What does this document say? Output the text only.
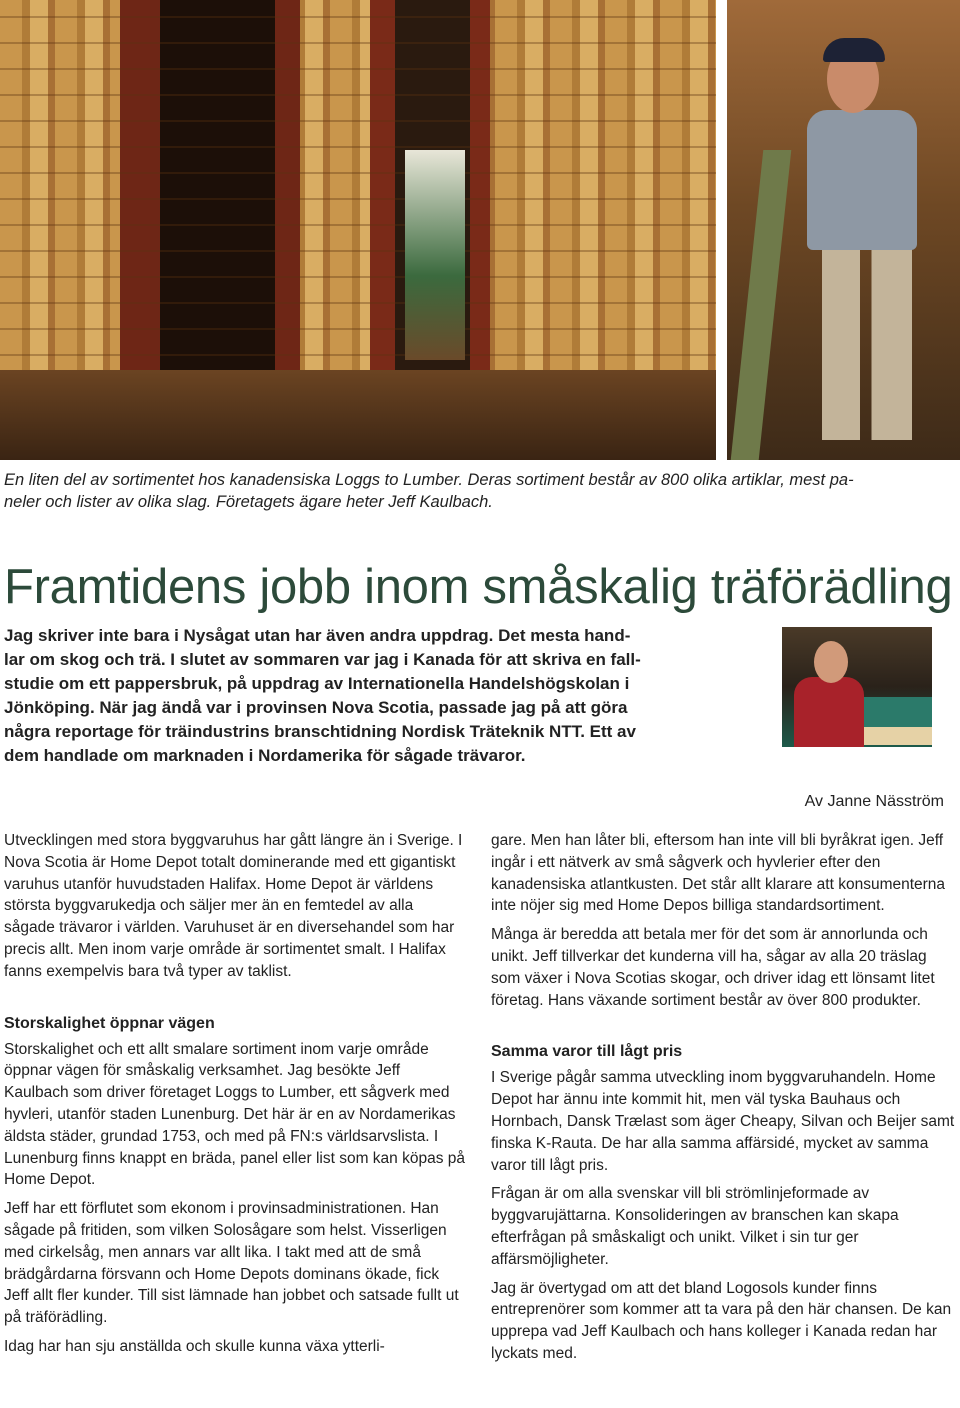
En liten del av sortimentet hos kanadensiska Loggs to Lumber. Deras sortiment består av 800 olika artiklar, mest pa-
neler och lister av olika slag. Företagets ägare heter Jeff Kaulbach.
Framtidens jobb inom småskalig träförädling

Jag skriver inte bara i Nysågat utan har även andra uppdrag. Det mesta hand-

lar om skog och trä. I slutet av sommaren var jag i Kanada för att skriva en fall-

studie om ett pappersbruk, på uppdrag av Internationella Handelshögskolan i

Jönköping. När jag ändå var i provinsen Nova Scotia, passade jag på att göra

några reportage för träindustrins branschtidning Nordisk Träteknik NTT. Ett av

dem handlade om marknaden i Nordamerika för sågade trävaror.

Av Janne Näsström

Utvecklingen med stora byggvaruhus har gått längre än i Sverige. I Nova Scotia är Home Depot totalt dominerande med ett gigantiskt varuhus utanför huvudstaden Halifax. Home Depot är världens största byggvarukedja och säljer mer än en femtedel av alla sågade trävaror i världen. Varuhuset är en diversehandel som har precis allt. Men inom varje område är sortimentet smalt. I Halifax fanns exempelvis bara två typer av taklist.

Storskalighet öppnar vägen

Storskalighet och ett allt smalare sortiment inom varje område öppnar vägen för småskalig verksamhet. Jag besökte Jeff Kaulbach som driver företaget Loggs to Lumber, ett sågverk med hyvleri, utanför staden Lunenburg. Det här är en av Nordamerikas äldsta städer, grundad 1753, och med på FN:s världsarvslista. I Lunenburg finns knappt en bräda, panel eller list som kan köpas på Home Depot.

Jeff har ett förflutet som ekonom i provinsadministrationen. Han sågade på fritiden, som vilken Solosågare som helst. Visserligen med cirkelsåg, men annars var allt lika. I takt med att de små brädgårdarna försvann och Home Depots dominans ökade, fick Jeff allt fler kunder. Till sist lämnade han jobbet och satsade fullt ut på träförädling.

Idag har han sju anställda och skulle kunna växa ytterli-

gare. Men han låter bli, eftersom han inte vill bli byråkrat igen. Jeff ingår i ett nätverk av små sågverk och hyvlerier efter den kanadensiska atlantkusten. Det står allt klarare att konsumenterna inte nöjer sig med Home Depos billiga standardsortiment.

Många är beredda att betala mer för det som är annorlunda och unikt. Jeff tillverkar det kunderna vill ha, sågar av alla 20 träslag som växer i Nova Scotias skogar, och driver idag ett lönsamt litet företag. Hans växande sortiment består av över 800 produkter.

Samma varor till lågt pris

I Sverige pågår samma utveckling inom byggvaruhandeln. Home Depot har ännu inte kommit hit, men väl tyska Bauhaus och Hornbach, Dansk Trælast som äger Cheapy, Silvan och Beijer samt finska K-Rauta. De har alla samma affärsidé, mycket av samma varor till lågt pris.

Frågan är om alla svenskar vill bli strömlinjeformade av byggvarujättarna. Konsolideringen av branschen kan skapa efterfrågan på småskaligt och unikt. Vilket i sin tur ger affärsmöjligheter.

Jag är övertygad om att det bland Logosols kunder finns entreprenörer som kommer att ta vara på den här chansen. De kan upprepa vad Jeff Kaulbach och hans kolleger i Kanada redan har lyckats med.
